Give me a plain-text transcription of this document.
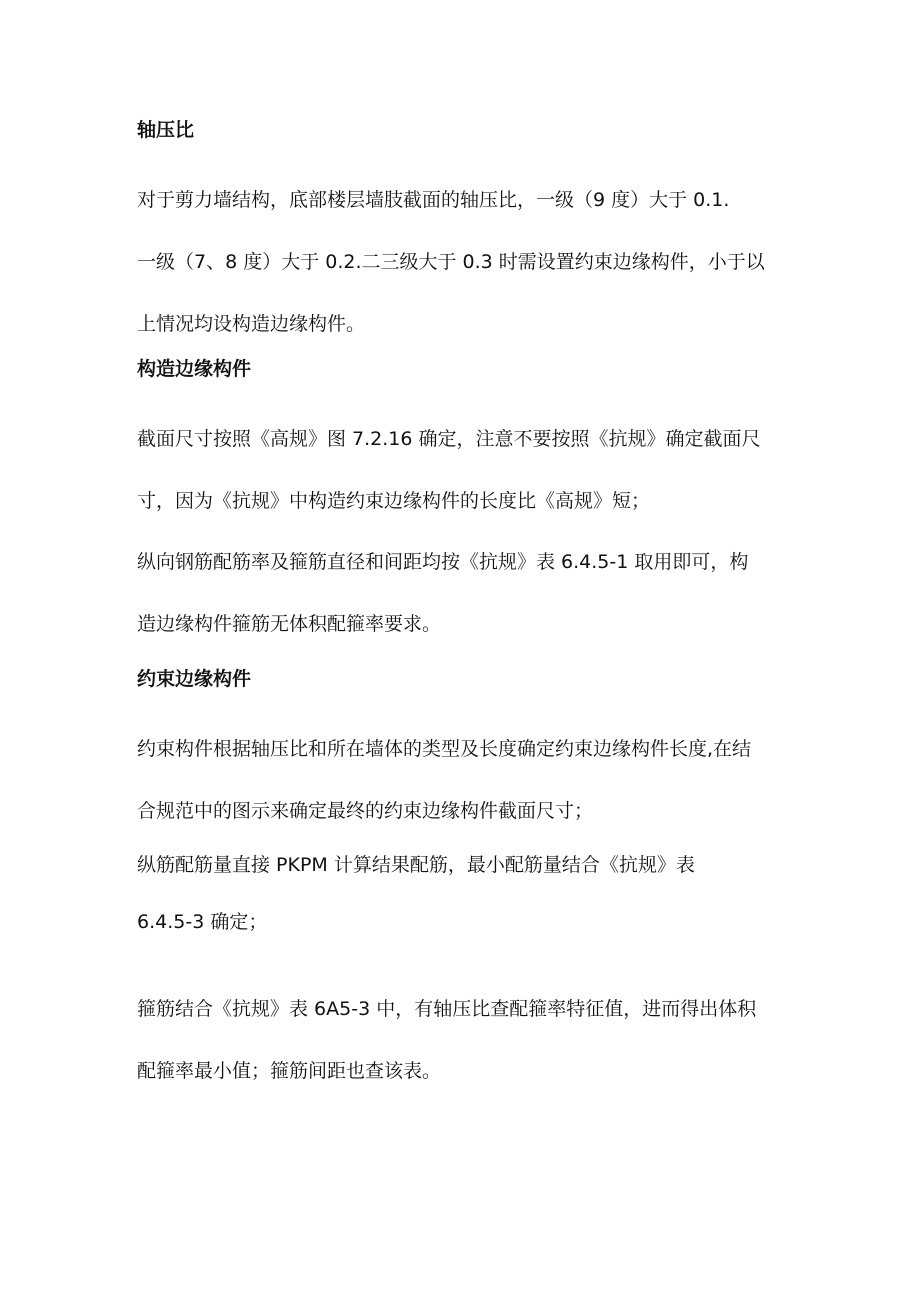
轴压比
对于剪力墙结构，底部楼层墙肢截面的轴压比，一级（9 度）大于 0.1.
一级（7、8 度）大于 0.2.二三级大于 0.3 时需设置约束边缘构件，小于以
上情况均设构造边缘构件。
构造边缘构件
截面尺寸按照《高规》图 7.2.16 确定，注意不要按照《抗规》确定截面尺
寸，因为《抗规》中构造约束边缘构件的长度比《高规》短；
纵向钢筋配筋率及箍筋直径和间距均按《抗规》表 6.4.5-1 取用即可，构
造边缘构件箍筋无体积配箍率要求。
约束边缘构件
约束构件根据轴压比和所在墙体的类型及长度确定约束边缘构件长度,在结
合规范中的图示来确定最终的约束边缘构件截面尺寸；
纵筋配筋量直接 PKPM 计算结果配筋，最小配筋量结合《抗规》表
6.4.5-3 确定；
箍筋结合《抗规》表 6A5-3 中，有轴压比查配箍率特征值，进而得出体积
配箍率最小值；箍筋间距也查该表。
